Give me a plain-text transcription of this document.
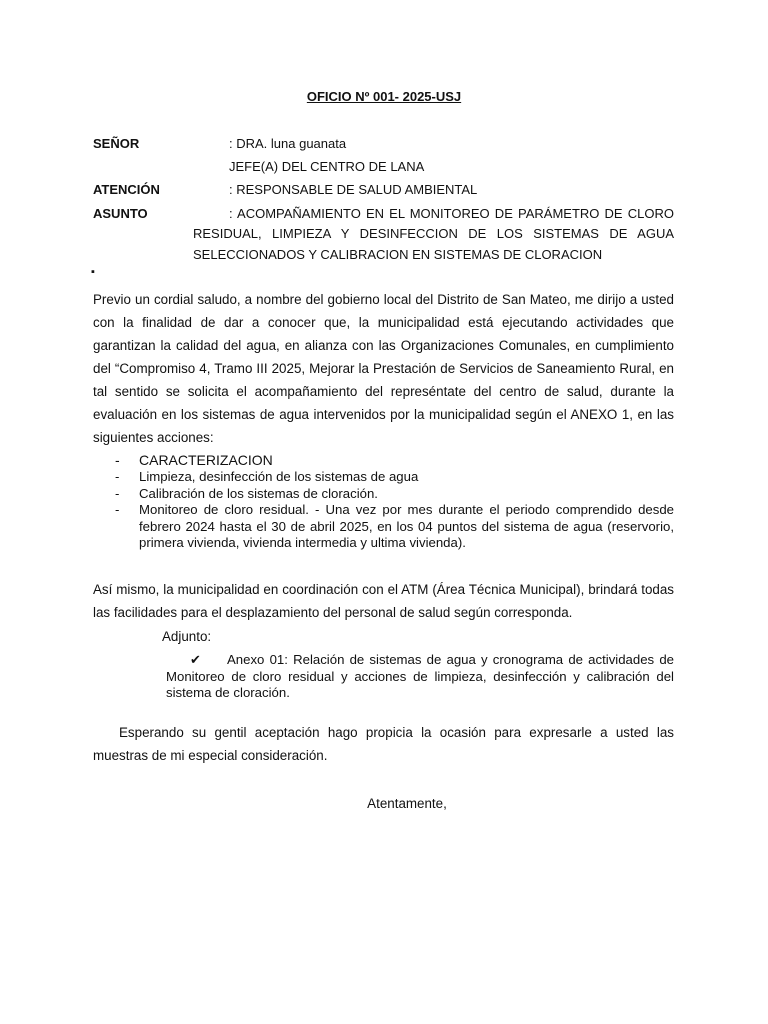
OFICIO Nº 001- 2025-USJ
SEÑOR	: DRA. luna guanata
JEFE(A) DEL CENTRO DE LANA
ATENCIÓN	: RESPONSABLE DE SALUD AMBIENTAL
ASUNTO	: ACOMPAÑAMIENTO EN EL MONITOREO DE PARÁMETRO DE CLORO
RESIDUAL, LIMPIEZA Y DESINFECCION DE LOS SISTEMAS DE AGUA SELECCIONADOS Y CALIBRACION EN SISTEMAS DE CLORACION
▪
Previo un cordial saludo, a nombre del gobierno local del Distrito de San Mateo, me dirijo a usted con la finalidad de dar a conocer que, la municipalidad está ejecutando actividades que garantizan la calidad del agua, en alianza con las Organizaciones Comunales, en cumplimiento del “Compromiso 4, Tramo III 2025, Mejorar la Prestación de Servicios de Saneamiento Rural, en tal sentido se solicita el acompañamiento del represéntate del centro de salud, durante la evaluación en los sistemas de agua intervenidos por la municipalidad según el ANEXO 1, en las siguientes acciones:
- CARACTERIZACION
- Limpieza, desinfección de los sistemas de agua
- Calibración de los sistemas de cloración.
- Monitoreo de cloro residual. - Una vez por mes durante el periodo comprendido desde febrero 2024 hasta el 30 de abril 2025, en los 04 puntos del sistema de agua (reservorio, primera vivienda, vivienda intermedia y ultima vivienda).
Así mismo, la municipalidad en coordinación con el ATM (Área Técnica Municipal), brindará todas las facilidades para el desplazamiento del personal de salud según corresponda.
Adjunto:
✔ Anexo 01: Relación de sistemas de agua y cronograma de actividades de Monitoreo de cloro residual y acciones de limpieza, desinfección y calibración del sistema de cloración.
Esperando su gentil aceptación hago propicia la ocasión para expresarle a usted las muestras de mi especial consideración.
Atentamente,
